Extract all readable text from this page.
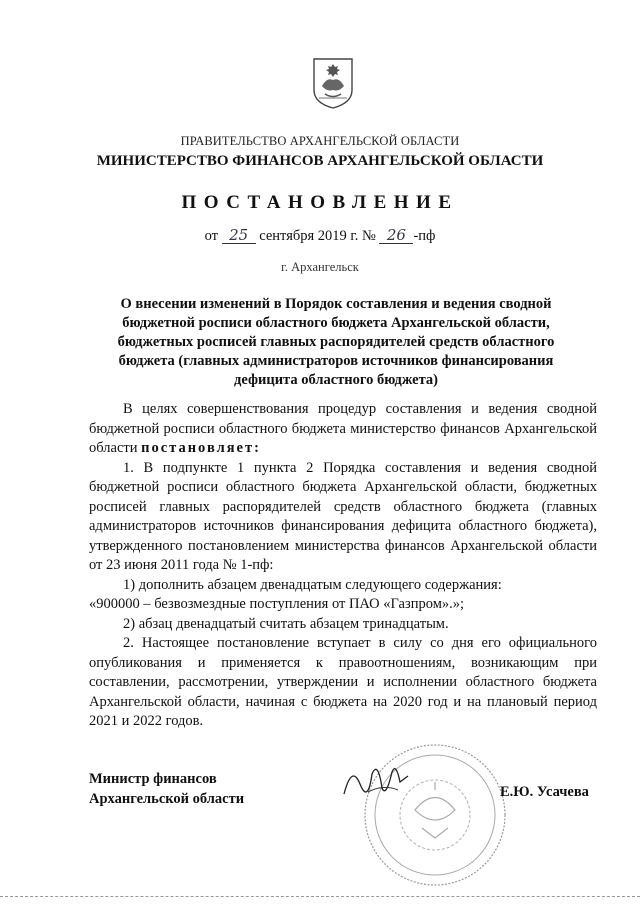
ПРАВИТЕЛЬСТВО АРХАНГЕЛЬСКОЙ ОБЛАСТИ
МИНИСТЕРСТВО ФИНАНСОВ АРХАНГЕЛЬСКОЙ ОБЛАСТИ
ПОСТАНОВЛЕНИЕ
от 25 сентября 2019 г. № 26 -пф
г. Архангельск
О внесении изменений в Порядок составления и ведения сводной бюджетной росписи областного бюджета Архангельской области, бюджетных росписей главных распорядителей средств областного бюджета (главных администраторов источников финансирования дефицита областного бюджета)

В целях совершенствования процедур составления и ведения сводной бюджетной росписи областного бюджета министерство финансов Архангельской области постановляет:

1. В подпункте 1 пункта 2 Порядка составления и ведения сводной бюджетной росписи областного бюджета Архангельской области, бюджетных росписей главных распорядителей средств областного бюджета (главных администраторов источников финансирования дефицита областного бюджета), утвержденного постановлением министерства финансов Архангельской области от 23 июня 2011 года № 1-пф:

1) дополнить абзацем двенадцатым следующего содержания:

«900000 – безвозмездные поступления от ПАО «Газпром».»;

2) абзац двенадцатый считать абзацем тринадцатым.

2. Настоящее постановление вступает в силу со дня его официального опубликования и применяется к правоотношениям, возникающим при составлении, рассмотрении, утверждении и исполнении областного бюджета Архангельской области, начиная с бюджета на 2020 год и на плановый период 2021 и 2022 годов.

Министр финансов
Архангельской области	Е.Ю. Усачева
